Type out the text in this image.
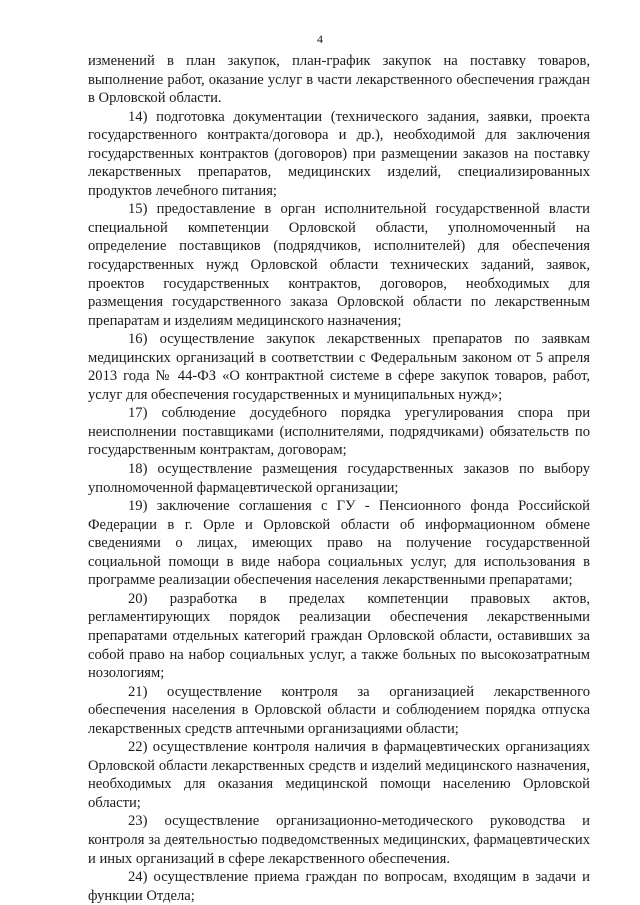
4

изменений в план закупок, план-график закупок на поставку товаров, выполнение работ, оказание услуг в части лекарственного обеспечения граждан в Орловской области.

14) подготовка документации (технического задания, заявки, проекта государственного контракта/договора и др.), необходимой для заключения государственных контрактов (договоров) при размещении заказов на поставку лекарственных препаратов, медицинских изделий, специализированных продуктов лечебного питания;

15) предоставление в орган исполнительной государственной власти специальной компетенции Орловской области, уполномоченный на определение поставщиков (подрядчиков, исполнителей) для обеспечения государственных нужд Орловской области технических заданий, заявок, проектов государственных контрактов, договоров, необходимых для размещения государственного заказа Орловской области по лекарственным препаратам и изделиям медицинского назначения;

16) осуществление закупок лекарственных препаратов по заявкам медицинских организаций в соответствии с Федеральным законом от 5 апреля 2013 года № 44-ФЗ «О контрактной системе в сфере закупок товаров, работ, услуг для обеспечения государственных и муниципальных нужд»;

17) соблюдение досудебного порядка урегулирования спора при неисполнении поставщиками (исполнителями, подрядчиками) обязательств по государственным контрактам, договорам;

18) осуществление размещения государственных заказов по выбору уполномоченной фармацевтической организации;

19) заключение соглашения с ГУ - Пенсионного фонда Российской Федерации в г. Орле и Орловской области об информационном обмене сведениями о лицах, имеющих право на получение государственной социальной помощи в виде набора социальных услуг, для использования в программе реализации обеспечения населения лекарственными препаратами;

20) разработка в пределах компетенции правовых актов, регламентирующих порядок реализации обеспечения лекарственными препаратами отдельных категорий граждан Орловской области, оставивших за собой право на набор социальных услуг, а также больных по высокозатратным нозологиям;

21) осуществление контроля за организацией лекарственного обеспечения населения в Орловской области и соблюдением порядка отпуска лекарственных средств аптечными организациями области;

22) осуществление контроля наличия в фармацевтических организациях Орловской области лекарственных средств и изделий медицинского назначения, необходимых для оказания медицинской помощи населению Орловской области;

23) осуществление организационно-методического руководства и контроля за деятельностью подведомственных медицинских, фармацевтических и иных организаций в сфере лекарственного обеспечения.

24) осуществление приема граждан по вопросам, входящим в задачи и функции Отдела;
